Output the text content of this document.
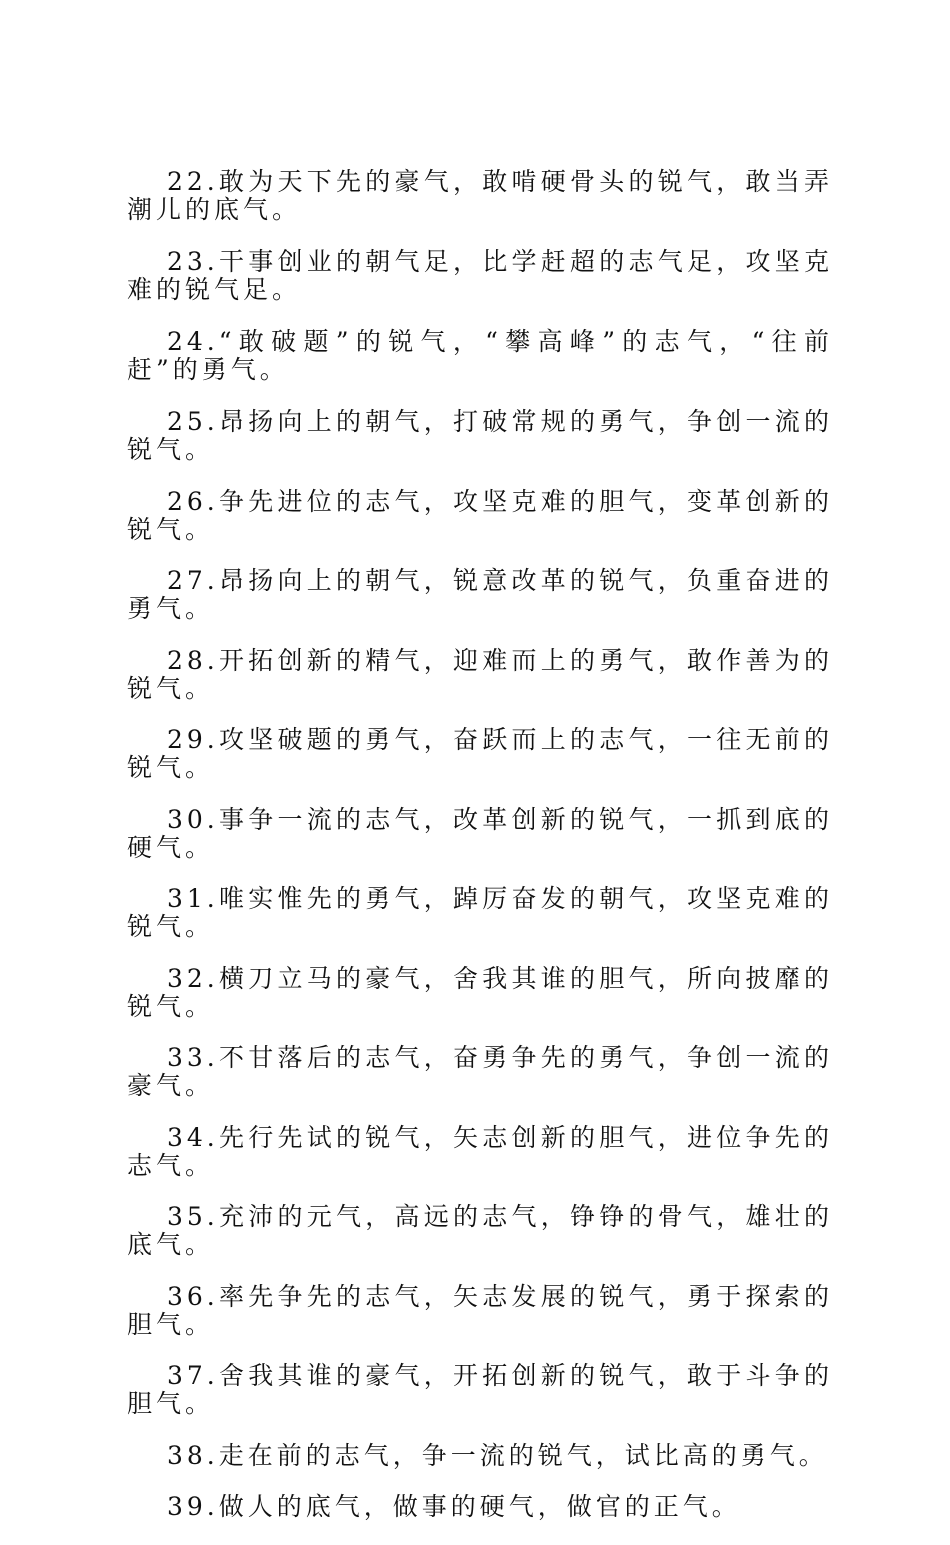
22.敢为天下先的豪气，敢啃硬骨头的锐气，敢当弄潮儿的底气。

23.干事创业的朝气足，比学赶超的志气足，攻坚克难的锐气足。

24.“敢破题”的锐气，“攀高峰”的志气，“往前赶”的勇气。

25.昂扬向上的朝气，打破常规的勇气，争创一流的锐气。

26.争先进位的志气，攻坚克难的胆气，变革创新的锐气。

27.昂扬向上的朝气，锐意改革的锐气，负重奋进的勇气。

28.开拓创新的精气，迎难而上的勇气，敢作善为的锐气。

29.攻坚破题的勇气，奋跃而上的志气，一往无前的锐气。

30.事争一流的志气，改革创新的锐气，一抓到底的硬气。

31.唯实惟先的勇气，踔厉奋发的朝气，攻坚克难的锐气。

32.横刀立马的豪气，舍我其谁的胆气，所向披靡的锐气。

33.不甘落后的志气，奋勇争先的勇气，争创一流的豪气。

34.先行先试的锐气，矢志创新的胆气，进位争先的志气。

35.充沛的元气，高远的志气，铮铮的骨气，雄壮的底气。

36.率先争先的志气，矢志发展的锐气，勇于探索的胆气。

37.舍我其谁的豪气，开拓创新的锐气，敢于斗争的胆气。

38.走在前的志气，争一流的锐气，试比高的勇气。

39.做人的底气，做事的硬气，做官的正气。
